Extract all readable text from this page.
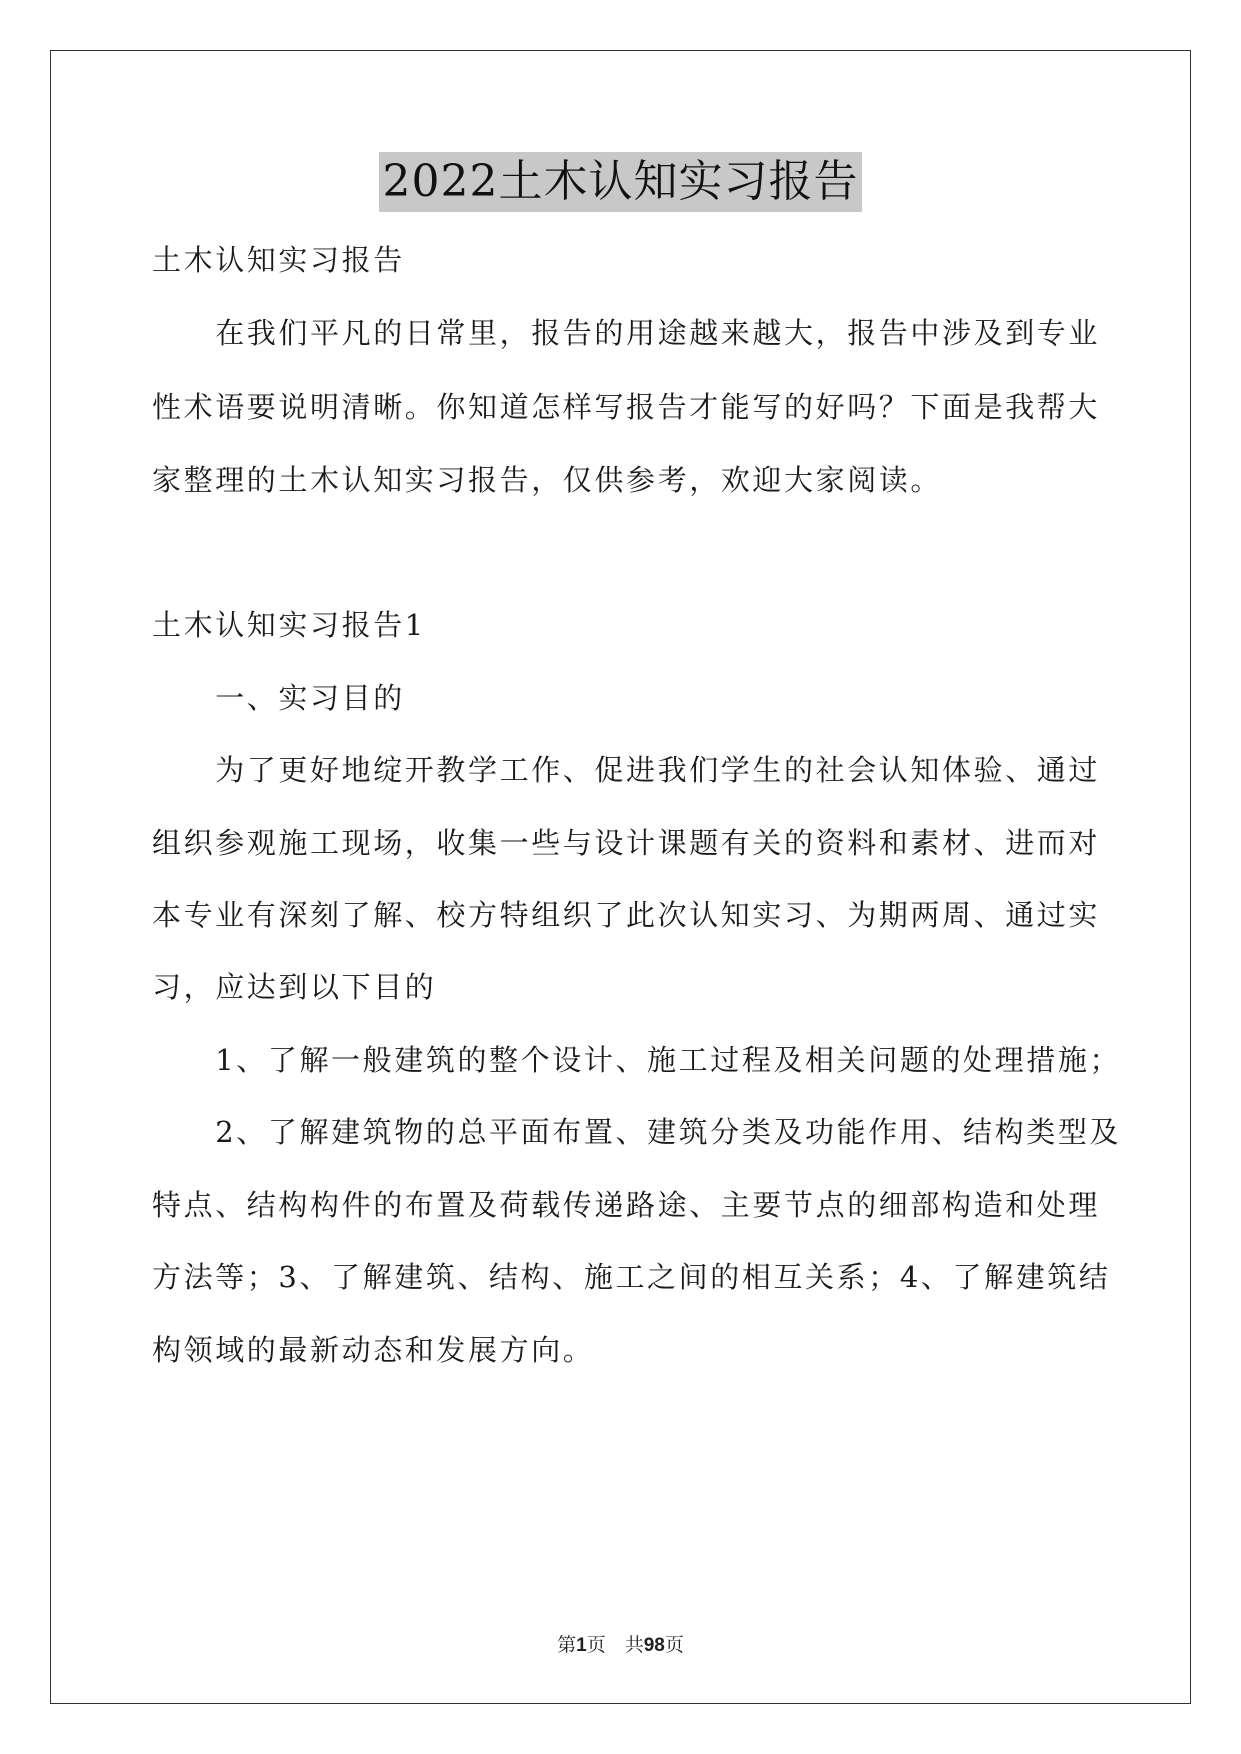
2022土木认知实习报告
土木认知实习报告
　　在我们平凡的日常里，报告的用途越来越大，报告中涉及到专业
性术语要说明清晰。你知道怎样写报告才能写的好吗？下面是我帮大
家整理的土木认知实习报告，仅供参考，欢迎大家阅读。
土木认知实习报告1
　　一、实习目的
　　为了更好地绽开教学工作、促进我们学生的社会认知体验、通过
组织参观施工现场，收集一些与设计课题有关的资料和素材、进而对
本专业有深刻了解、校方特组织了此次认知实习、为期两周、通过实
习，应达到以下目的
　　1、了解一般建筑的整个设计、施工过程及相关问题的处理措施；
　　2、了解建筑物的总平面布置、建筑分类及功能作用、结构类型及
特点、结构构件的布置及荷载传递路途、主要节点的细部构造和处理
方法等；3、了解建筑、结构、施工之间的相互关系；4、了解建筑结
构领域的最新动态和发展方向。
第1页　共98页
